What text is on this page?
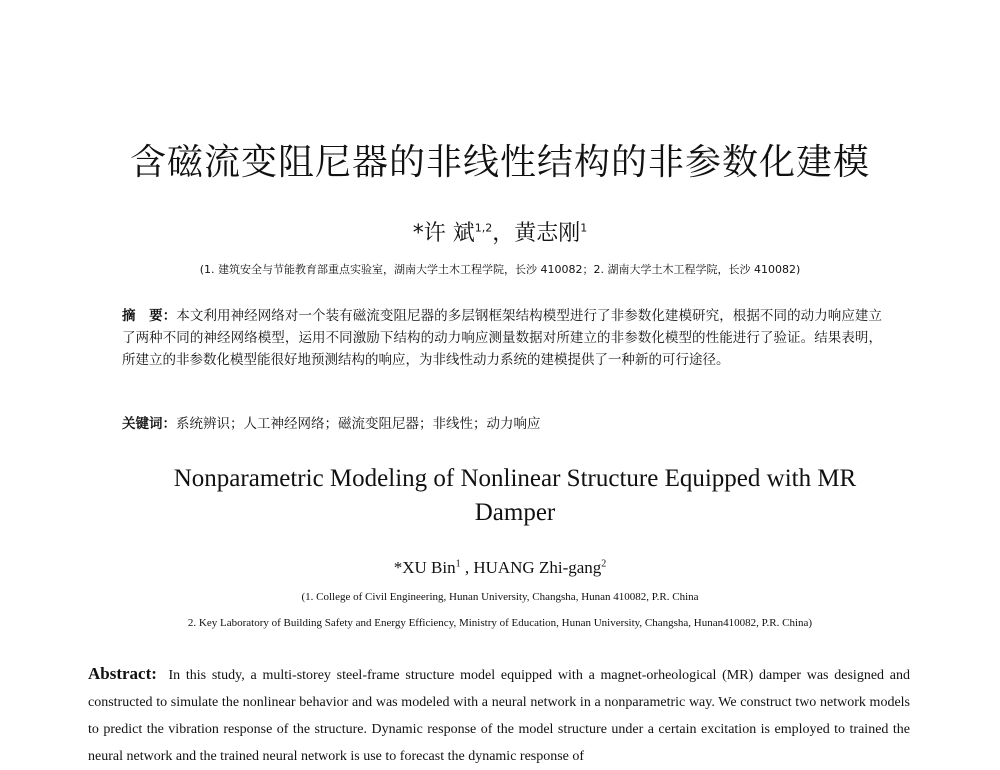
含磁流变阻尼器的非线性结构的非参数化建模
*许 斌$^{1,2}$，黄志刚$^1$
(1. 建筑安全与节能教育部重点实验室，湖南大学土木工程学院，长沙 410082；2. 湖南大学土木工程学院，长沙 410082)
摘　要：本文利用神经网络对一个装有磁流变阻尼器的多层钢框架结构模型进行了非参数化建模研究，根据不同的动力响应建立了两种不同的神经网络模型，运用不同激励下结构的动力响应测量数据对所建立的非参数化模型的性能进行了验证。结果表明，所建立的非参数化模型能很好地预测结构的响应，为非线性动力系统的建模提供了一种新的可行途径。
关键词：系统辨识；人工神经网络；磁流变阻尼器；非线性；动力响应
Nonparametric Modeling of Nonlinear Structure Equipped with MR Damper
*XU Bin$^1$ , HUANG Zhi-gang$^2$
(1. College of Civil Engineering, Hunan University, Changsha, Hunan 410082, P.R. China
2. Key Laboratory of Building Safety and Energy Efficiency, Ministry of Education, Hunan University, Changsha, Hunan410082, P.R. China)
Abstract: In this study, a multi-storey steel-frame structure model equipped with a magnet-orheological (MR) damper was designed and constructed to simulate the nonlinear behavior and was modeled with a neural network in a nonparametric way. We construct two network models to predict the vibration response of the structure. Dynamic response of the model structure under a certain excitation is employed to trained the neural network and the trained neural network is use to forecast the dynamic response of
